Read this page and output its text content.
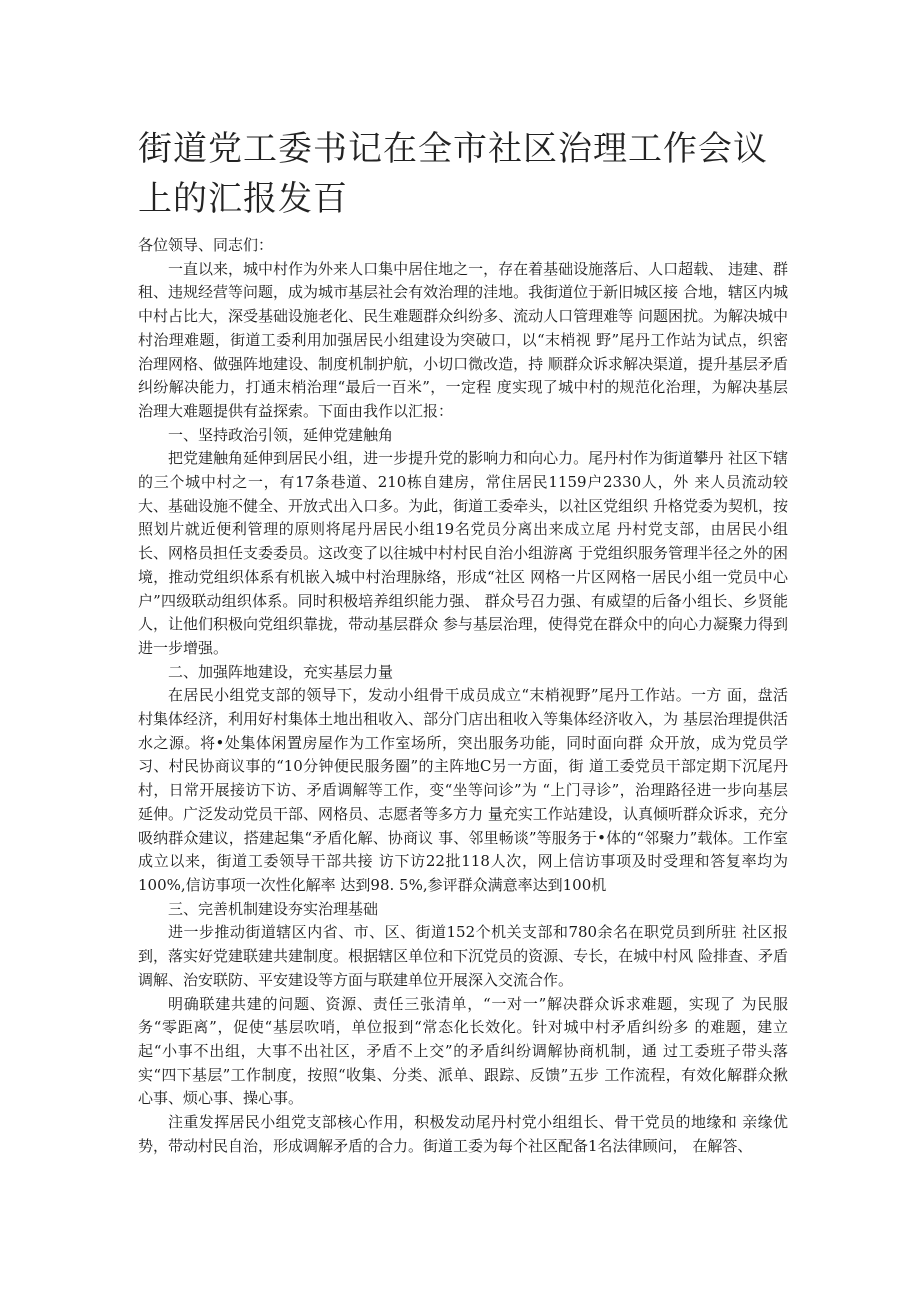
街道党工委书记在全市社区治理工作会议上的汇报发百

各位领导、同志们：

一直以来，城中村作为外来人口集中居住地之一，存在着基础设施落后、人口超载、 违建、群租、违规经营等问题，成为城市基层社会有效治理的洼地。我街道位于新旧城区接 合地，辖区内城中村占比大，深受基础设施老化、民生难题群众纠纷多、流动人口管理难等 问题困扰。为解决城中村治理难题，街道工委利用加强居民小组建设为突破口，以“末梢视 野”尾丹工作站为试点，织密治理网格、做强阵地建设、制度机制护航，小切口微改造，持 顺群众诉求解决渠道，提升基层矛盾纠纷解决能力，打通末梢治理“最后一百米”，一定程 度实现了城中村的规范化治理，为解决基层治理大难题提供有益探索。下面由我作以汇报：

一、坚持政治引领，延伸党建触角

把党建触角延伸到居民小组，进一步提升党的影响力和向心力。尾丹村作为街道攀丹 社区下辖的三个城中村之一，有17条巷道、210栋自建房，常住居民1159户2330人，外 来人员流动较大、基础设施不健全、开放式出入口多。为此，街道工委牵头，以社区党组织 升格党委为契机，按照划片就近便利管理的原则将尾丹居民小组19名党员分离出来成立尾 丹村党支部，由居民小组长、网格员担任支委委员。这改变了以往城中村村民自治小组游离 于党组织服务管理半径之外的困境，推动党组织体系有机嵌入城中村治理脉络，形成“社区 网格一片区网格一居民小组一党员中心户”四级联动组织体系。同时积极培养组织能力强、 群众号召力强、有威望的后备小组长、乡贤能人，让他们积极向党组织靠拢，带动基层群众 参与基层治理，使得党在群众中的向心力凝聚力得到进一步增强。

二、加强阵地建设，充实基层力量

在居民小组党支部的领导下，发动小组骨干成员成立“末梢视野”尾丹工作站。一方 面，盘活村集体经济，利用好村集体土地出租收入、部分门店出租收入等集体经济收入，为 基层治理提供活水之源。将•处集体闲置房屋作为工作室场所，突出服务功能，同时面向群 众开放，成为党员学习、村民协商议事的“10分钟便民服务圈”的主阵地C另一方面，街 道工委党员干部定期下沉尾丹村，日常开展接访下访、矛盾调解等工作，变“坐等问诊”为 “上门寻诊”，治理路径进一步向基层延伸。广泛发动党员干部、网格员、志愿者等多方力 量充实工作站建设，认真倾听群众诉求，充分吸纳群众建议，搭建起集“矛盾化解、协商议 事、邻里畅谈”等服务于•体的“邻聚力”载体。工作室成立以来，街道工委领导干部共接 访下访22批118人次，网上信访事项及时受理和答复率均为100%,信访事项一次性化解率 达到98. 5%,参评群众满意率达到100机

三、完善机制建设夯实治理基础

进一步推动街道辖区内省、市、区、街道152个机关支部和780余名在职党员到所驻 社区报到，落实好党建联建共建制度。根据辖区单位和下沉党员的资源、专长，在城中村风 险排查、矛盾调解、治安联防、平安建设等方面与联建单位开展深入交流合作。

明确联建共建的问题、资源、责任三张清单，“一对一”解决群众诉求难题，实现了 为民服务“零距离”，促使“基层吹哨，单位报到“常态化长效化。针对城中村矛盾纠纷多 的难题，建立起“小事不出组，大事不出社区，矛盾不上交”的矛盾纠纷调解协商机制，通 过工委班子带头落实“四下基层”工作制度，按照“收集、分类、派单、跟踪、反馈”五步 工作流程，有效化解群众揪心事、烦心事、操心事。

注重发挥居民小组党支部核心作用，积极发动尾丹村党小组组长、骨干党员的地缘和 亲缘优势，带动村民自治，形成调解矛盾的合力。街道工委为每个社区配备1名法律顾问， 在解答、
